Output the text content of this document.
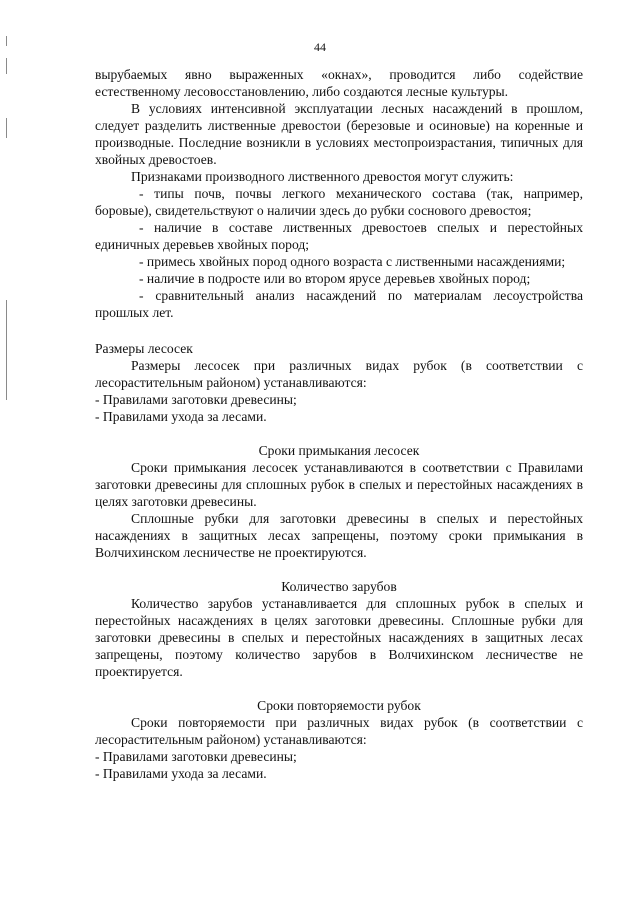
44

вырубаемых явно выраженных «окнах», проводится либо содействие естественному лесовосстановлению, либо создаются лесные культуры.

В условиях интенсивной эксплуатации лесных насаждений в прошлом, следует разделить лиственные древостои (березовые и осиновые) на коренные и производные. Последние возникли в условиях местопроизрастания, типичных для хвойных древостоев.

Признаками производного лиственного древостоя могут служить:

- типы почв, почвы легкого механического состава (так, например, боровые), свидетельствуют о наличии здесь до рубки соснового древостоя;

- наличие в составе лиственных древостоев спелых и перестойных единичных деревьев хвойных пород;

- примесь хвойных пород одного возраста с лиственными насаждениями;

- наличие в подросте или во втором ярусе деревьев хвойных пород;

- сравнительный анализ насаждений по материалам лесоустройства прошлых лет.

Размеры лесосек

Размеры лесосек при различных видах рубок (в соответствии с лесорастительным районом) устанавливаются:

- Правилами заготовки древесины;

- Правилами ухода за лесами.

Сроки примыкания лесосек

Сроки примыкания лесосек устанавливаются в соответствии с Правилами заготовки древесины для сплошных рубок в спелых и перестойных насаждениях в целях заготовки древесины.

Сплошные рубки для заготовки древесины в спелых и перестойных насаждениях в защитных лесах запрещены, поэтому сроки примыкания в Волчихинском лесничестве не проектируются.

Количество зарубов

Количество зарубов устанавливается для сплошных рубок в спелых и перестойных насаждениях в целях заготовки древесины. Сплошные рубки для заготовки древесины в спелых и перестойных насаждениях в защитных лесах запрещены, поэтому количество зарубов в Волчихинском лесничестве не проектируется.

Сроки повторяемости рубок

Сроки повторяемости при различных видах рубок (в соответствии с лесорастительным районом) устанавливаются:

- Правилами заготовки древесины;

- Правилами ухода за лесами.
